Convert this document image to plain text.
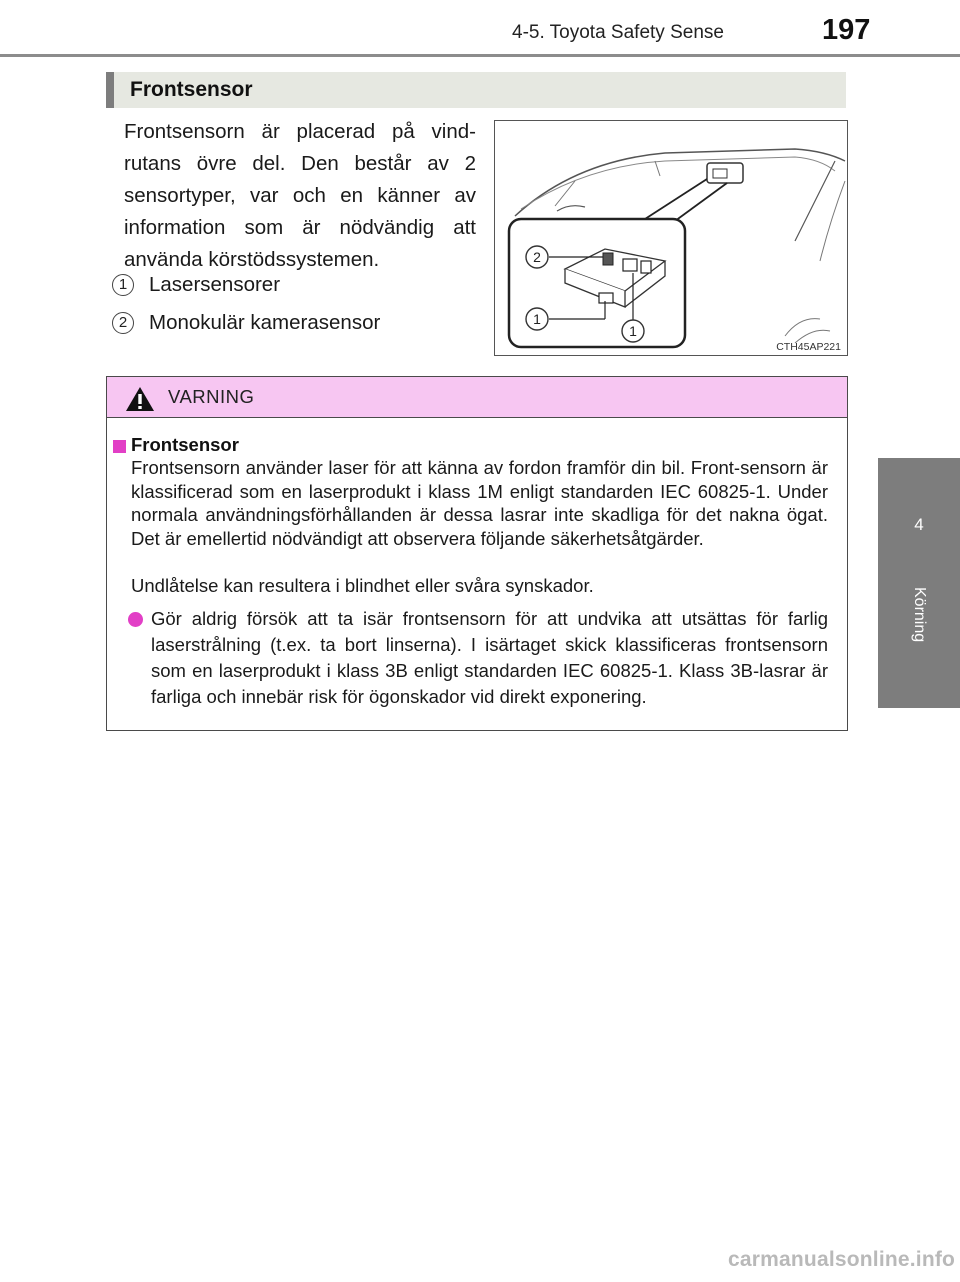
4-5. Toyota Safety Sense	197
4
Körning
Frontsensor
Frontsensorn är placerad på vind-rutans övre del. Den består av 2 sensortyper, var och en känner av information som är nödvändig att använda körstödssystemen.
1	Lasersensorer
2	Monokulär kamerasensor
2
1
1
CTH45AP221
VARNING
Frontsensor
Frontsensorn använder laser för att känna av fordon framför din bil. Front-sensorn är klassificerad som en laserprodukt i klass 1M enligt standarden IEC 60825-1. Under normala användningsförhållanden är dessa lasrar inte skadliga för det nakna ögat. Det är emellertid nödvändigt att observera följande säkerhetsåtgärder.
Undlåtelse kan resultera i blindhet eller svåra synskador.
Gör aldrig försök att ta isär frontsensorn för att undvika att utsättas för farlig laserstrålning (t.ex. ta bort linserna). I isärtaget skick klassificeras frontsensorn som en laserprodukt i klass 3B enligt standarden IEC 60825-1. Klass 3B-lasrar är farliga och innebär risk för ögonskador vid direkt exponering.
carmanualsonline.info
